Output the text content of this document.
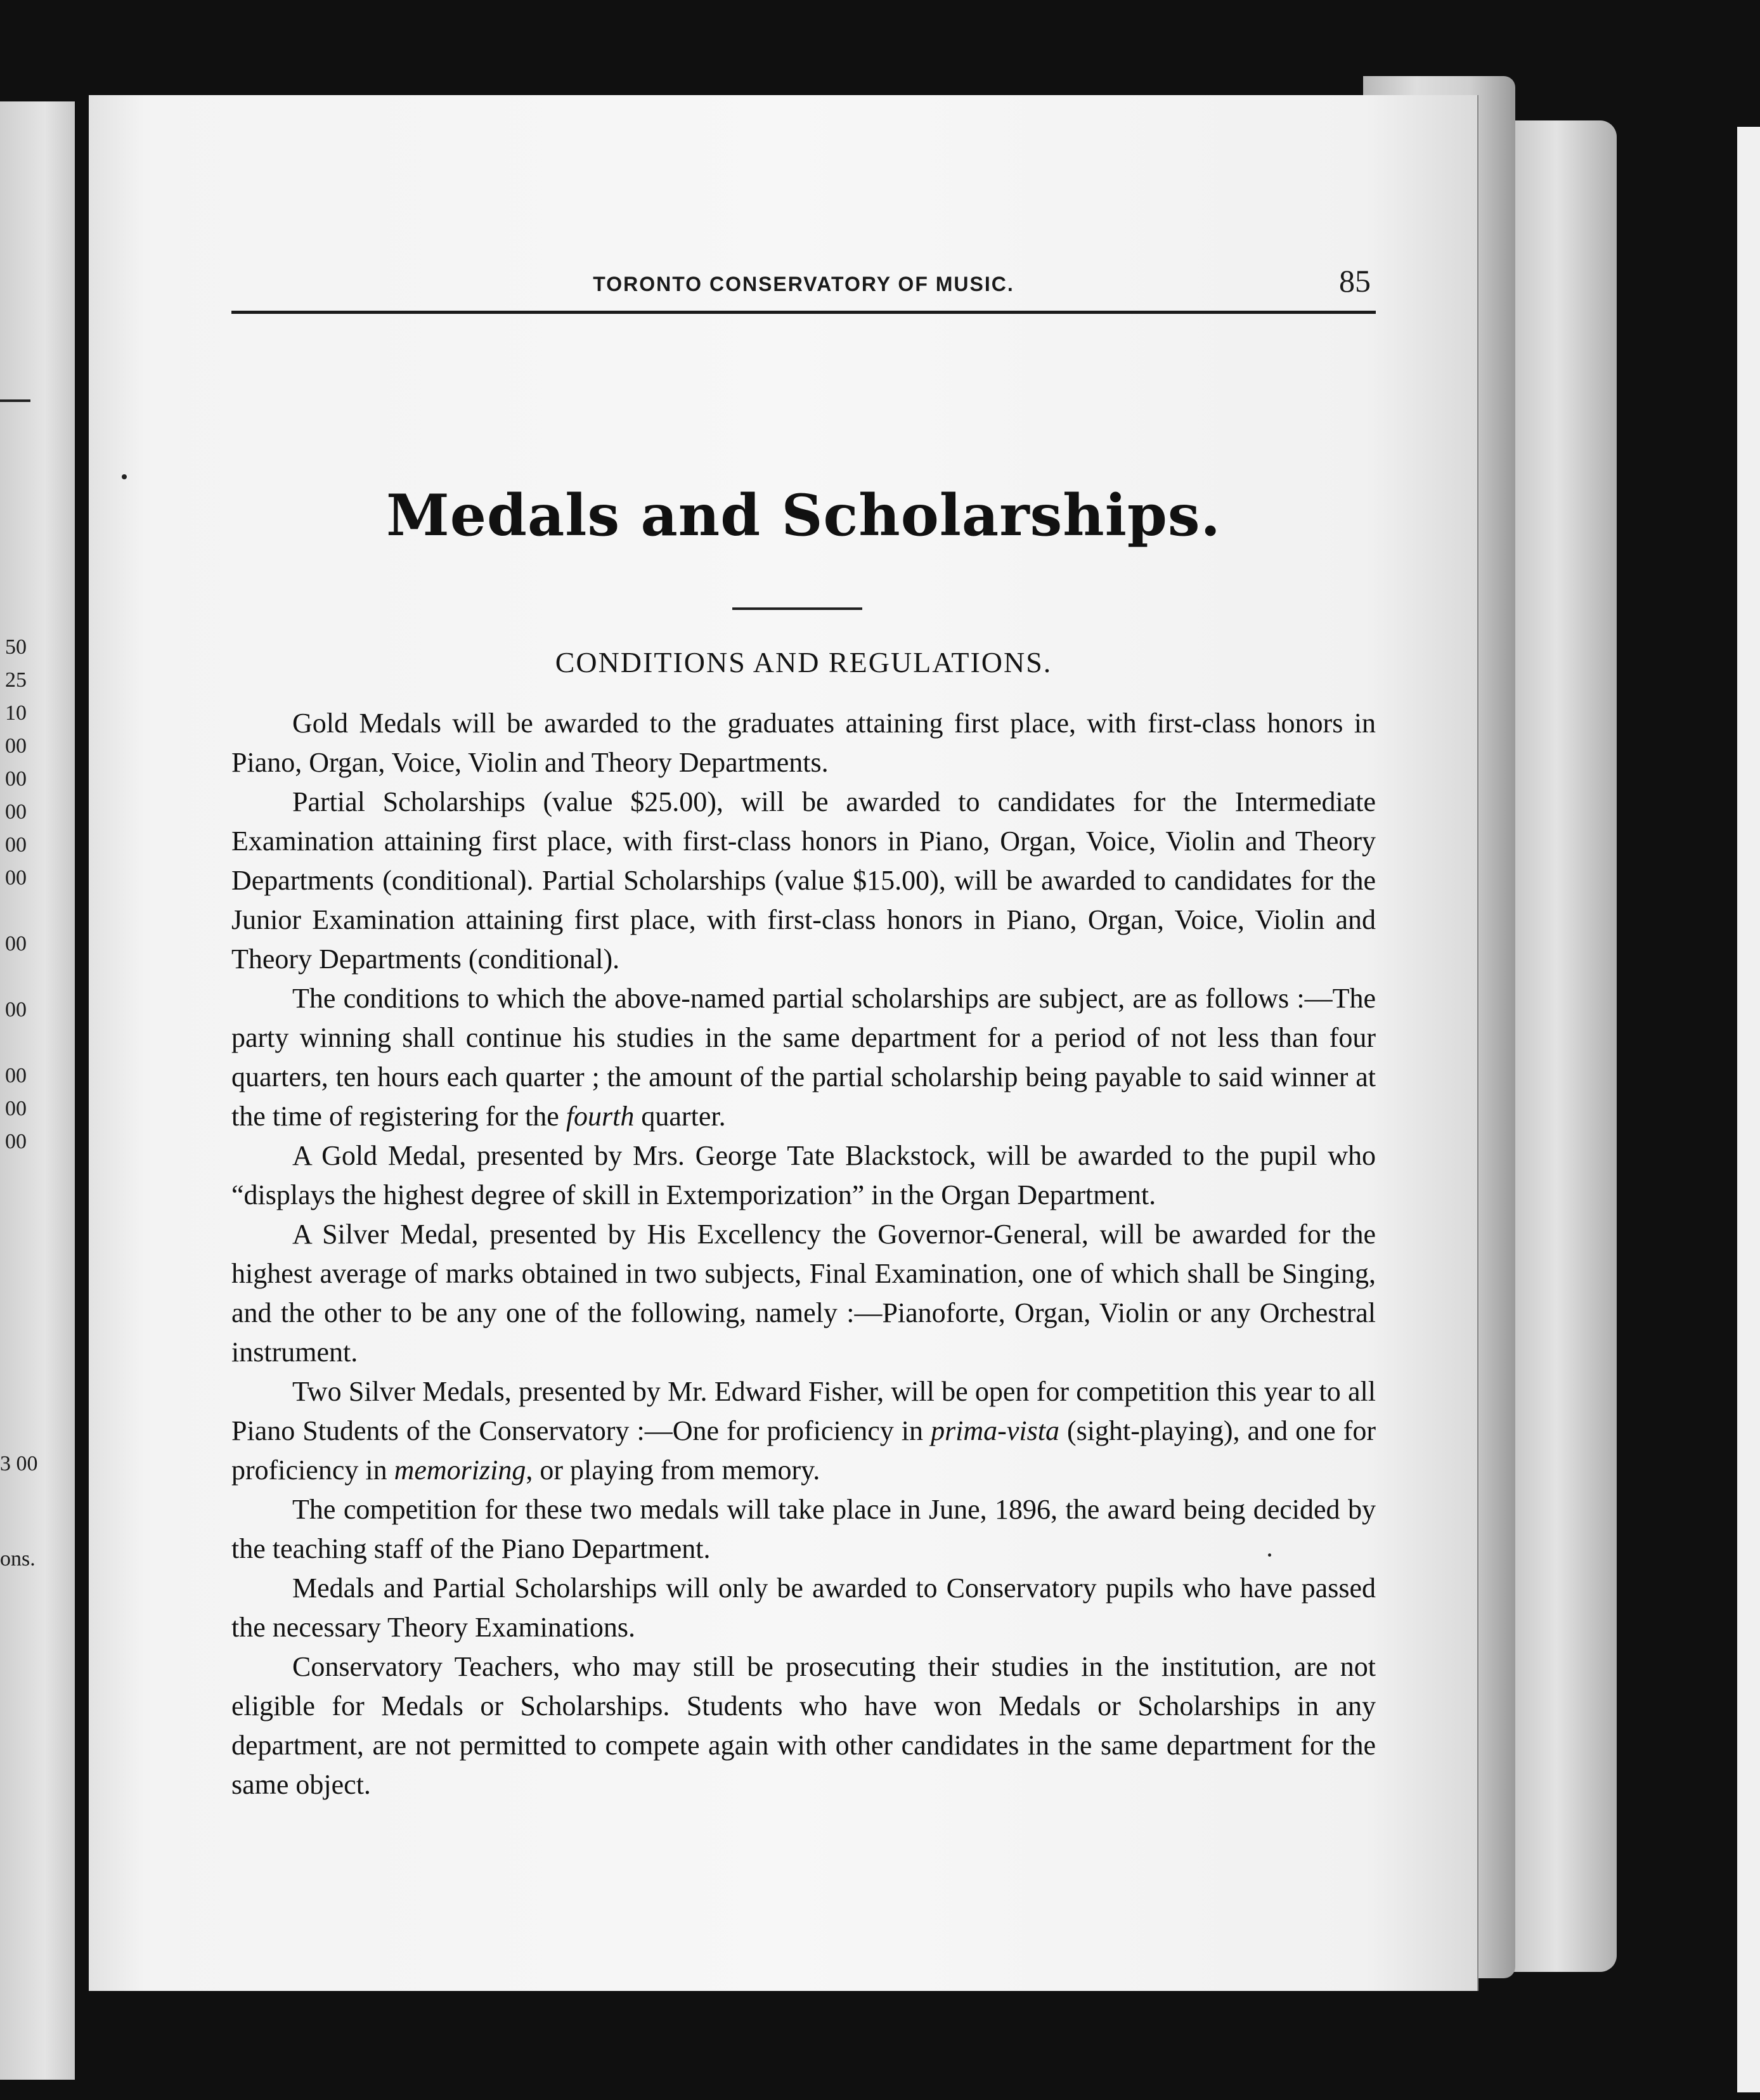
50
25
10
00
00
00
00
00
00
00
00
00
00
3 00
ons.
TORONTO CONSERVATORY OF MUSIC.	85
Medals and Scholarships.
CONDITIONS AND REGULATIONS.

Gold Medals will be awarded to the graduates attaining first place, with first-class honors in Piano, Organ, Voice, Violin and Theory Departments.

Partial Scholarships (value $25.00), will be awarded to candidates for the Intermediate Examination attaining first place, with first-class honors in Piano, Organ, Voice, Violin and Theory Departments (conditional). Partial Scholarships (value $15.00), will be awarded to candidates for the Junior Examination attaining first place, with first-class honors in Piano, Organ, Voice, Violin and Theory Departments (conditional).

The conditions to which the above-named partial scholarships are subject, are as follows :—The party winning shall continue his studies in the same department for a period of not less than four quarters, ten hours each quarter ; the amount of the partial scholarship being payable to said winner at the time of registering for the fourth quarter.

A Gold Medal, presented by Mrs. George Tate Blackstock, will be awarded to the pupil who “displays the highest degree of skill in Extemporization” in the Organ Department.

A Silver Medal, presented by His Excellency the Governor-General, will be awarded for the highest average of marks obtained in two subjects, Final Examination, one of which shall be Singing, and the other to be any one of the following, namely :—Pianoforte, Organ, Violin or any Orchestral instrument.

Two Silver Medals, presented by Mr. Edward Fisher, will be open for competition this year to all Piano Students of the Conservatory :—One for proficiency in prima-vista (sight-playing), and one for proficiency in memorizing, or playing from memory.

The competition for these two medals will take place in June, 1896, the award being decided by the teaching staff of the Piano Department.

Medals and Partial Scholarships will only be awarded to Conservatory pupils who have passed the necessary Theory Examinations.

Conservatory Teachers, who may still be prosecuting their studies in the institution, are not eligible for Medals or Scholarships. Students who have won Medals or Scholarships in any department, are not permitted to compete again with other candidates in the same department for the same object.
